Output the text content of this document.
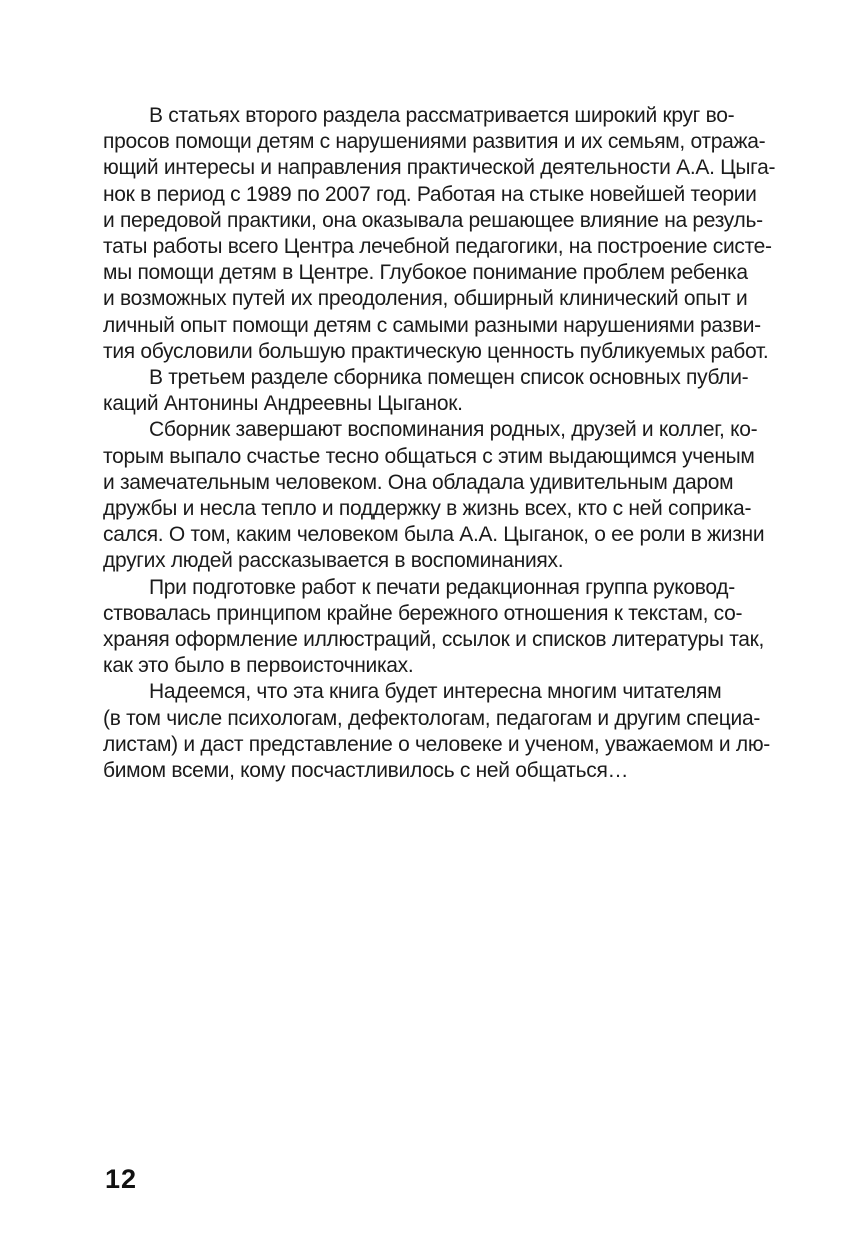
В статьях второго раздела рассматривается широкий круг во-
просов помощи детям с нарушениями развития и их семьям, отража-
ющий интересы и направления практической деятельности А.А. Цыга-
нок в период с 1989 по 2007 год. Работая на стыке новейшей теории
и передовой практики, она оказывала решающее влияние на резуль-
таты работы всего Центра лечебной педагогики, на построение систе-
мы помощи детям в Центре. Глубокое понимание проблем ребенка
и возможных путей их преодоления, обширный клинический опыт и
личный опыт помощи детям с самыми разными нарушениями разви-
тия обусловили большую практическую ценность публикуемых работ.
В третьем разделе сборника помещен список основных публи-
каций Антонины Андреевны Цыганок.
Сборник завершают воспоминания родных, друзей и коллег, ко-
торым выпало счастье тесно общаться с этим выдающимся ученым
и замечательным человеком. Она обладала удивительным даром
дружбы и несла тепло и поддержку в жизнь всех, кто с ней соприка-
сался. О том, каким человеком была А.А. Цыганок, о ее роли в жизни
других людей рассказывается в воспоминаниях.
При подготовке работ к печати редакционная группа руковод-
ствовалась принципом крайне бережного отношения к текстам, со-
храняя оформление иллюстраций, ссылок и списков литературы так,
как это было в первоисточниках.
Надеемся, что эта книга будет интересна многим читателям
(в том числе психологам, дефектологам, педагогам и другим специа-
листам) и даст представление о человеке и ученом, уважаемом и лю-
бимом всеми, кому посчастливилось с ней общаться…
12
